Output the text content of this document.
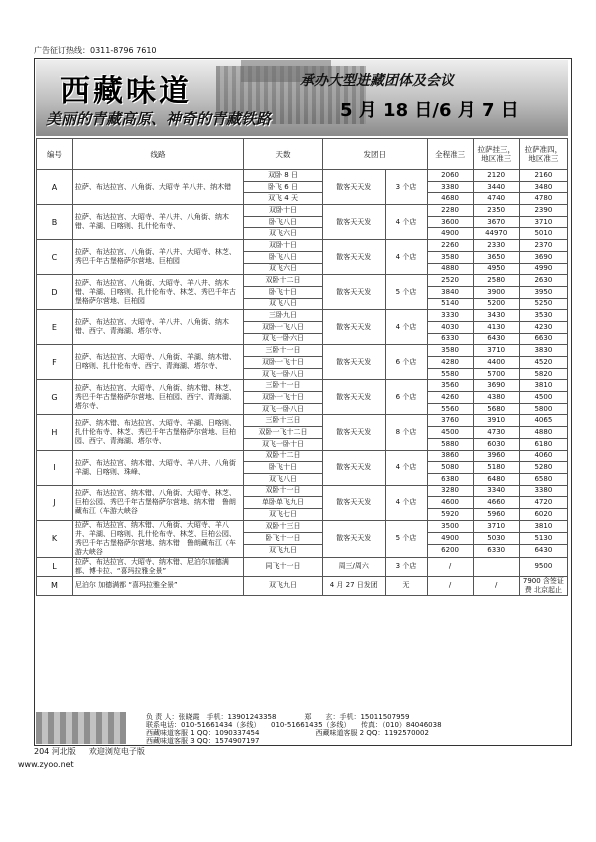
广告征订热线：0311-8796 7610
西藏味道
美丽的青藏高原、神奇的青藏铁路
承办大型进藏团体及会议
5 月 18 日/6 月 7 日
编号	线路	天数	发团日		全程准三	拉萨挂三，地区准三	拉萨准四，地区准三
A	拉萨、布达拉宫、八角街、大昭寺 羊八井、纳木错	双卧 8 日	散客天天发	3 个店	2060	2120	2160
		卧飞 6 日			3380	3440	3480
		双飞 4 天			4680	4740	4780
B	拉萨、布达拉宫、大昭寺、羊八井、八角街、纳木错、羊湖、日喀则、扎什伦布寺、	双卧十日	散客天天发	4 个店	2280	2350	2390
		卧飞八日			3600	3670	3710
		双飞六日			4900	44970	5010
C	拉萨、布达拉宫、八角街、羊八井、大昭寺、林芝、秀巴千年古堡格萨尔营地、巨柏园	双卧十日	散客天天发	4 个店	2260	2330	2370
		卧飞八日			3580	3650	3690
		双飞六日			4880	4950	4990
D	拉萨、布达拉宫、八角街、大昭寺、羊八井、纳木错、羊湖、日喀则、扎什伦布寺、林芝、秀巴千年古堡格萨尔营地、巨柏园	双卧十二日	散客天天发	5 个店	2520	2580	2630
		卧飞十日			3840	3900	3950
		双飞八日			5140	5200	5250
E	拉萨、布达拉宫、大昭寺、羊八井、八角街、纳木错、西宁、青海湖、塔尔寺、	三卧九日	散客天天发	4 个店	3330	3430	3530
		双卧一飞八日			4030	4130	4230
		双飞一卧六日			6330	6430	6630
F	拉萨、布达拉宫、大昭寺、八角街、羊湖、纳木错、日喀则、扎什伦布寺、西宁、青海湖、塔尔寺、	三卧十一日	散客天天发	6 个店	3580	3710	3830
		双卧一飞十日			4280	4400	4520
		双飞一卧八日			5580	5700	5820
G	拉萨、布达拉宫、大昭寺、八角街、纳木错、林芝、秀巴千年古堡格萨尔营地、巨柏园、西宁、青海湖、塔尔寺、	三卧十一日	散客天天发	6 个店	3560	3690	3810
		双卧一飞十日			4260	4380	4500
		双飞一卧八日			5560	5680	5800
H	拉萨、纳木错、布达拉宫、大昭寺、羊湖、日喀则、扎什伦布寺、林芝、秀巴千年古堡格萨尔营地、巨柏园、西宁、青海湖、塔尔寺、	三卧十三日	散客天天发	8 个店	3760	3910	4065
		双卧一飞十二日			4500	4730	4880
		双飞一卧十日			5880	6030	6180
I	拉萨、布达拉宫、纳木错、大昭寺、羊八井、八角街羊湖、日喀则、珠峰、	双卧十二日	散客天天发	4 个店	3860	3960	4060
		卧飞十日			5080	5180	5280
		双飞八日			6380	6480	6580
J	拉萨、布达拉宫、纳木错、八角街、大昭寺、林芝、巨柏公园、秀巴千年古堡格萨尔营地、纳木错　鲁朗藏布江（车游大峡谷	双卧十一日	散客天天发	4 个店	3280	3340	3380
		单卧单飞九日			4600	4660	4720
		双飞七日			5920	5960	6020
K	拉萨、布达拉宫、纳木错、八角街、大昭寺、羊八井、羊湖、日喀则、扎什伦布寺、林芝、巨柏公园、秀巴千年古堡格萨尔营地、纳木错　鲁朗藏布江（车游大峡谷	双卧十三日	散客天天发	5 个店	3500	3710	3810
		卧飞十一日			4900	5030	5130
		双飞九日			6200	6330	6430
L	拉萨、布达拉宫、大昭寺、纳木错、尼泊尔加德满都、博卡拉、“喜玛拉雅全景”	同飞十一日	周三/周六	3 个店	/		9500
M	尼泊尔 加德满都 “喜玛拉雅全景”	双飞九日	4 月 27 日发团	无	/	/	7900 含签证费 北京起止
负 责 人：张晓霞　手机：13901243358　　　　郑　　玄：手机：15011507959
联系电话：010-51661434（多线）　　010-51661435（多线）　　传真：（010）84046038
西藏味道客服 1 QQ：1090337454　　　　　　　　西藏味道客服 2 QQ：1192570002
西藏味道客服 3 QQ：1574907197
204 河北版 　 欢迎浏览电子版
www.zyoo.net
